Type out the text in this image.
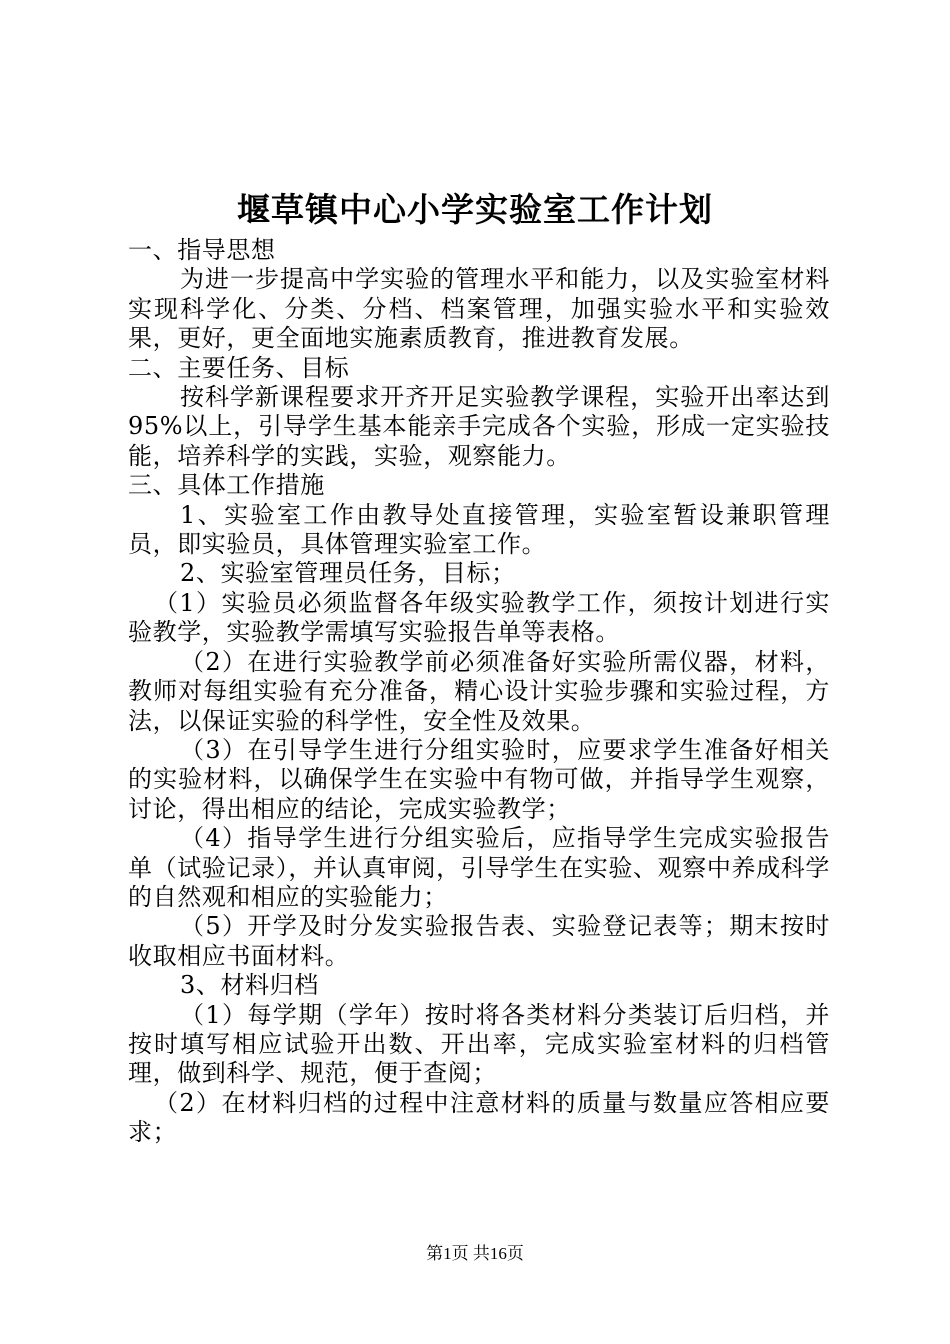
堰草镇中心小学实验室工作计划

一、指导思想

为进一步提高中学实验的管理水平和能力，以及实验室材料实现科学化、分类、分档、档案管理，加强实验水平和实验效果，更好，更全面地实施素质教育，推进教育发展。

二、主要任务、目标

按科学新课程要求开齐开足实验教学课程，实验开出率达到95%以上，引导学生基本能亲手完成各个实验，形成一定实验技能，培养科学的实践，实验，观察能力。

三、具体工作措施

1、实验室工作由教导处直接管理，实验室暂设兼职管理员，即实验员，具体管理实验室工作。

2、实验室管理员任务，目标；

（1）实验员必须监督各年级实验教学工作，须按计划进行实验教学，实验教学需填写实验报告单等表格。

（2）在进行实验教学前必须准备好实验所需仪器，材料，教师对每组实验有充分准备，精心设计实验步骤和实验过程，方法，以保证实验的科学性，安全性及效果。

（3）在引导学生进行分组实验时，应要求学生准备好相关的实验材料，以确保学生在实验中有物可做，并指导学生观察，讨论，得出相应的结论，完成实验教学；

（4）指导学生进行分组实验后，应指导学生完成实验报告单（试验记录），并认真审阅，引导学生在实验、观察中养成科学的自然观和相应的实验能力；

（5）开学及时分发实验报告表、实验登记表等；期末按时收取相应书面材料。

3、材料归档

（1）每学期（学年）按时将各类材料分类装订后归档，并按时填写相应试验开出数、开出率，完成实验室材料的归档管理，做到科学、规范，便于查阅；

（2）在材料归档的过程中注意材料的质量与数量应答相应要求；

第1页 共16页
